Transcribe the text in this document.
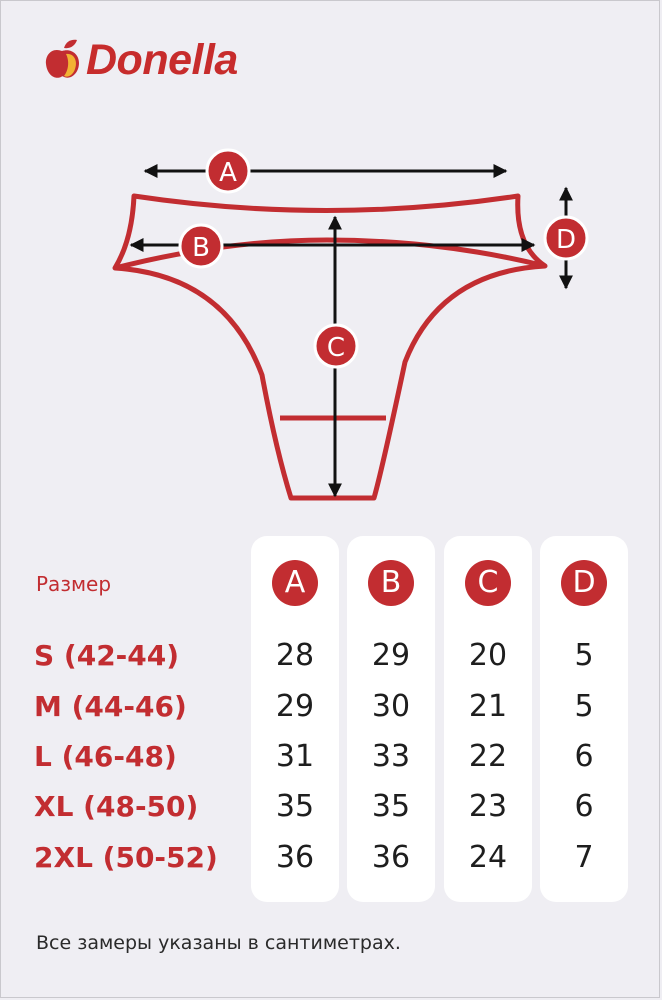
Donella
A
B
C
D
Размер
S (42-44)
M (44-46)
L (46-48)
XL (48-50)
2XL (50-52)
A
28
29
31
35
36
B
29
30
33
35
36
C
20
21
22
23
24
D
5
5
6
6
7
Все замеры указаны в сантиметрах.
